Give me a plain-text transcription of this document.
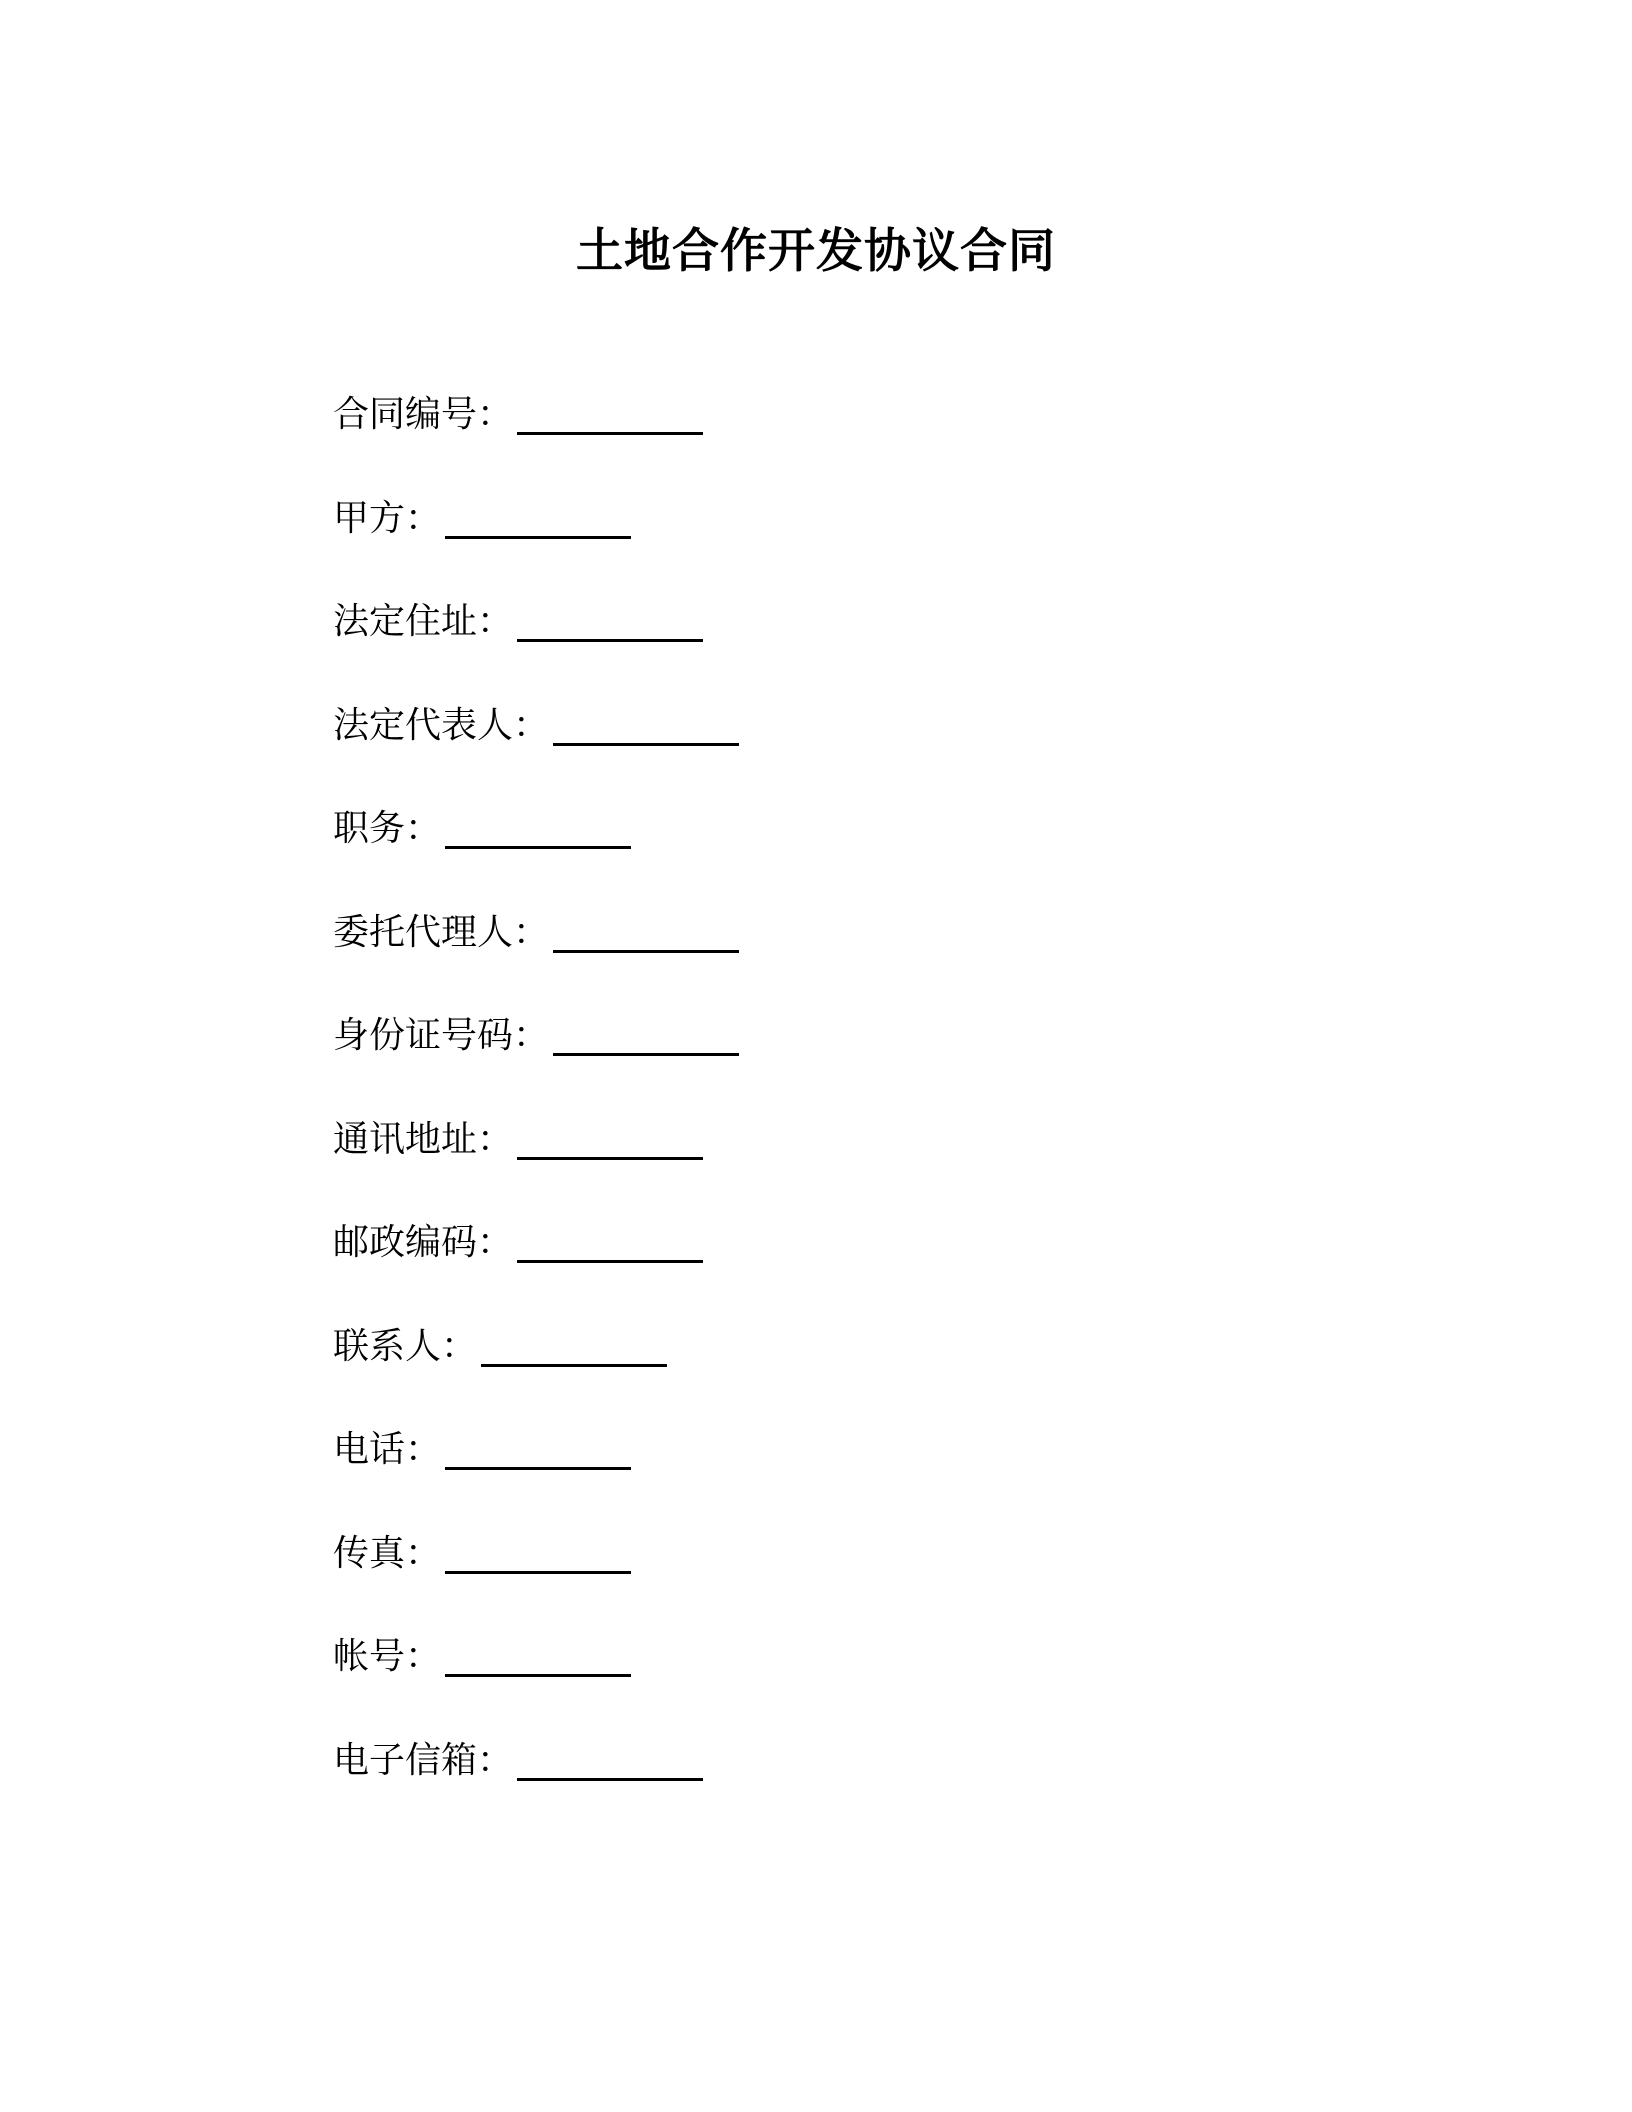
土地合作开发协议合同
合同编号：
甲方：
法定住址：
法定代表人：
职务：
委托代理人：
身份证号码：
通讯地址：
邮政编码：
联系人：
电话：
传真：
帐号：
电子信箱：
